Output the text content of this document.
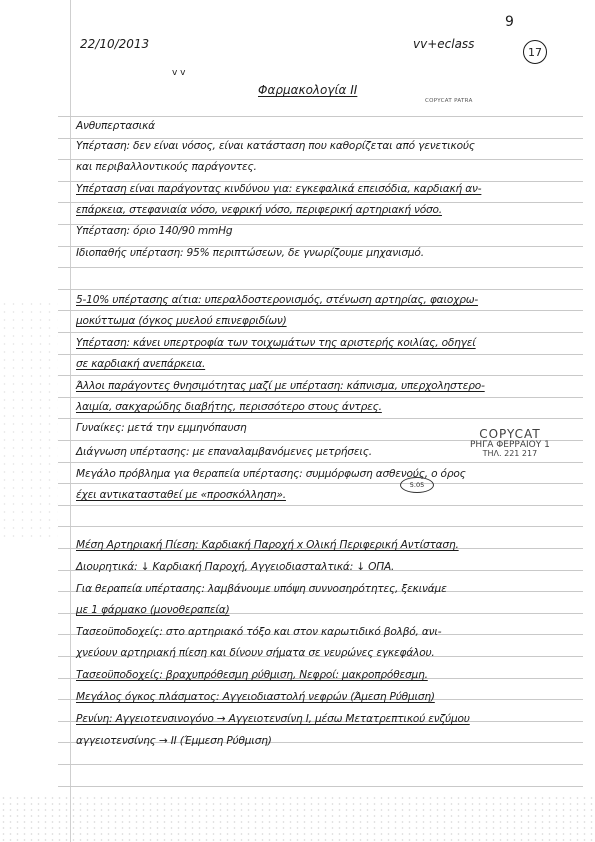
22/10/2013	vv+eclass
9
17
v v
Φαρμακολογία ΙΙ
COPYCAT PATRA
Ανθυπερτασικά
Υπέρταση: δεν είναι νόσος, είναι κατάσταση που καθορίζεται από γενετικούς
και περιβαλλοντικούς παράγοντες.
Υπέρταση είναι παράγοντας κινδύνου για: εγκεφαλικά επεισόδια, καρδιακή αν-
επάρκεια, στεφανιαία νόσο, νεφρική νόσο, περιφερική αρτηριακή νόσο.
Υπέρταση: όριο 140/90 mmHg
Ιδιοπαθής υπέρταση: 95% περιπτώσεων, δε γνωρίζουμε μηχανισμό.
5-10% υπέρτασης αίτια: υπεραλδοστερονισμός, στένωση αρτηρίας, φαιοχρω-
μοκύττωμα (όγκος μυελού επινεφριδίων)
Υπέρταση: κάνει υπερτροφία των τοιχωμάτων της αριστερής κοιλίας, οδηγεί
σε καρδιακή ανεπάρκεια.
Άλλοι παράγοντες θνησιμότητας μαζί με υπέρταση: κάπνισμα, υπερχοληστερο-
λαιμία, σακχαρώδης διαβήτης, περισσότερο στους άντρες.
Γυναίκες: μετά την εμμηνόπαυση
Διάγνωση υπέρτασης: με επαναλαμβανόμενες μετρήσεις.
Μεγάλο πρόβλημα για θεραπεία υπέρτασης: συμμόρφωση ασθενούς, ο όρος
έχει αντικατασταθεί με «προσκόλληση».
Μέση Αρτηριακή Πίεση: Καρδιακή Παροχή x Ολική Περιφερική Αντίσταση.
Διουρητικά: ↓ Καρδιακή Παροχή, Αγγειοδιασταλτικά: ↓ ΟΠΑ.
Για θεραπεία υπέρτασης: λαμβάνουμε υπόψη συννοσηρότητες, ξεκινάμε
με 1 φάρμακο (μονοθεραπεία)
Τασεοϋποδοχείς: στο αρτηριακό τόξο και στον καρωτιδικό βολβό, ανι-
χνεύουν αρτηριακή πίεση και δίνουν σήματα σε νευρώνες εγκεφάλου.
Τασεοϋποδοχείς: βραχυπρόθεσμη ρύθμιση, Νεφροί: μακροπρόθεσμη.
Μεγάλος όγκος πλάσματος: Αγγειοδιαστολή νεφρών (Άμεση Ρύθμιση)
Ρενίνη: Αγγειοτενσινογόνο → Αγγειοτενσίνη Ι, μέσω Μετατρεπτικού ενζύμου
αγγειοτενσίνης → ΙΙ (Έμμεση Ρύθμιση)
5.05
COPYCAT
ΡΗΓΑ ΦΕΡΡΑΙΟΥ 1
ΤΗΛ. 221 217
